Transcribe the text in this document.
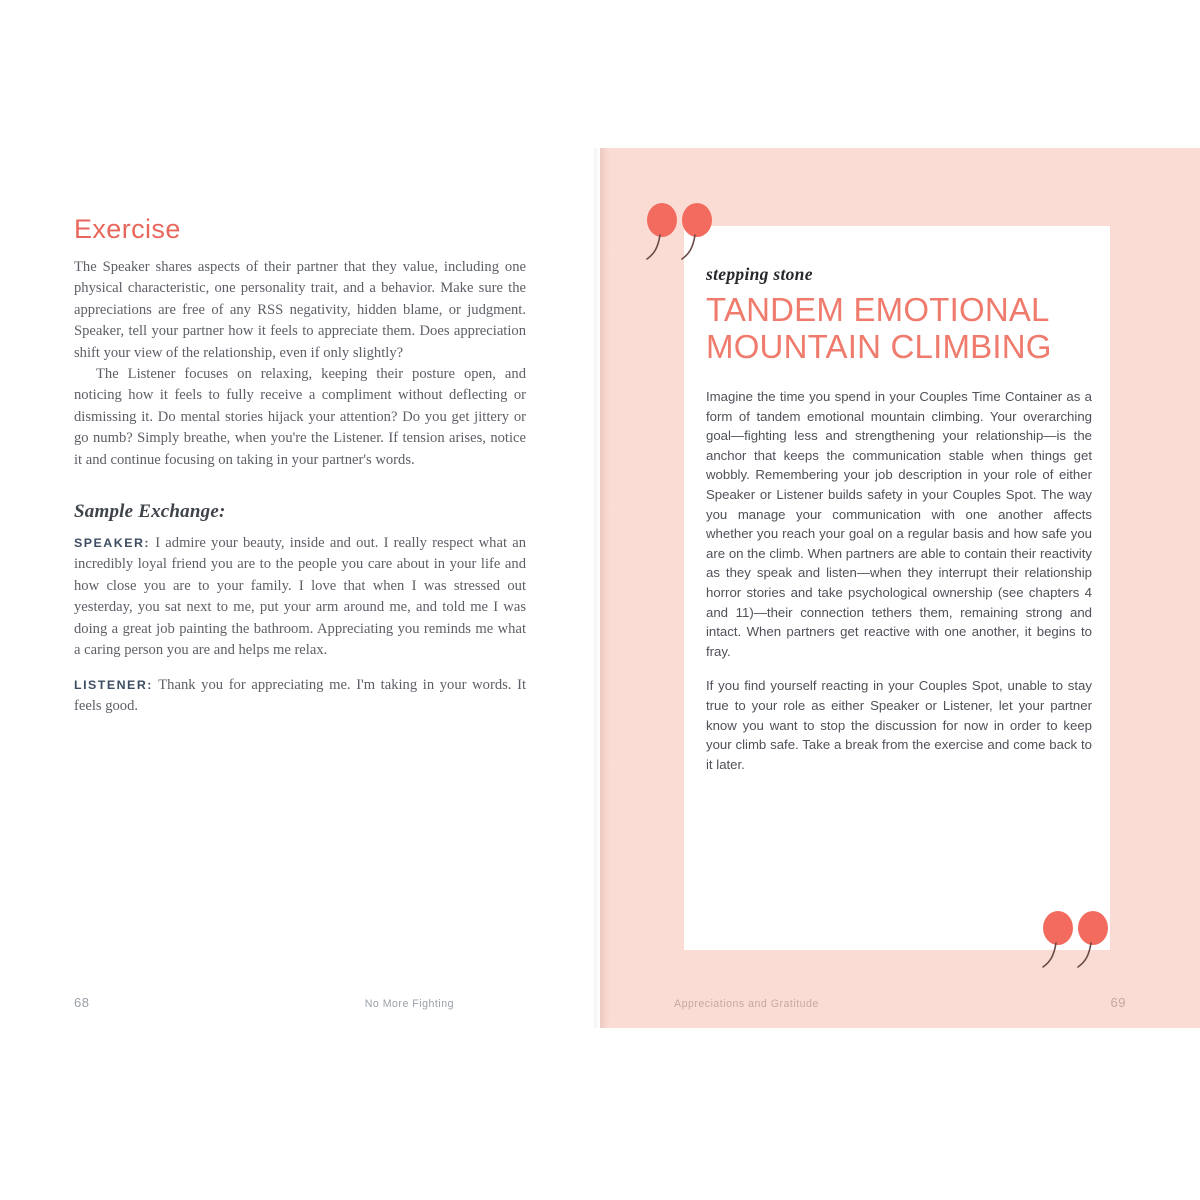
Exercise

The Speaker shares aspects of their partner that they value, including one physical characteristic, one personality trait, and a behavior. Make sure the appreciations are free of any RSS negativity, hidden blame, or judgment. Speaker, tell your partner how it feels to appreciate them. Does appreciation shift your view of the relationship, even if only slightly?

The Listener focuses on relaxing, keeping their posture open, and noticing how it feels to fully receive a compliment without deflecting or dismissing it. Do mental stories hijack your attention? Do you get jittery or go numb? Simply breathe, when you're the Listener. If tension arises, notice it and continue focusing on taking in your partner's words.

Sample Exchange:

SPEAKER: I admire your beauty, inside and out. I really respect what an incredibly loyal friend you are to the people you care about in your life and how close you are to your family. I love that when I was stressed out yesterday, you sat next to me, put your arm around me, and told me I was doing a great job painting the bathroom. Appreciating you reminds me what a caring person you are and helps me relax.

LISTENER: Thank you for appreciating me. I'm taking in your words. It feels good.

68	No More Fighting
stepping stone
TANDEM EMOTIONAL MOUNTAIN CLIMBING

Imagine the time you spend in your Couples Time Container as a form of tandem emotional mountain climbing. Your overarching goal—fighting less and strengthening your relationship—is the anchor that keeps the communication stable when things get wobbly. Remembering your job description in your role of either Speaker or Listener builds safety in your Couples Spot. The way you manage your communication with one another affects whether you reach your goal on a regular basis and how safe you are on the climb. When partners are able to contain their reactivity as they speak and listen—when they interrupt their relationship horror stories and take psychological ownership (see chapters 4 and 11)—their connection tethers them, remaining strong and intact. When partners get reactive with one another, it begins to fray.

If you find yourself reacting in your Couples Spot, unable to stay true to your role as either Speaker or Listener, let your partner know you want to stop the discussion for now in order to keep your climb safe. Take a break from the exercise and come back to it later.

Appreciations and Gratitude	69
